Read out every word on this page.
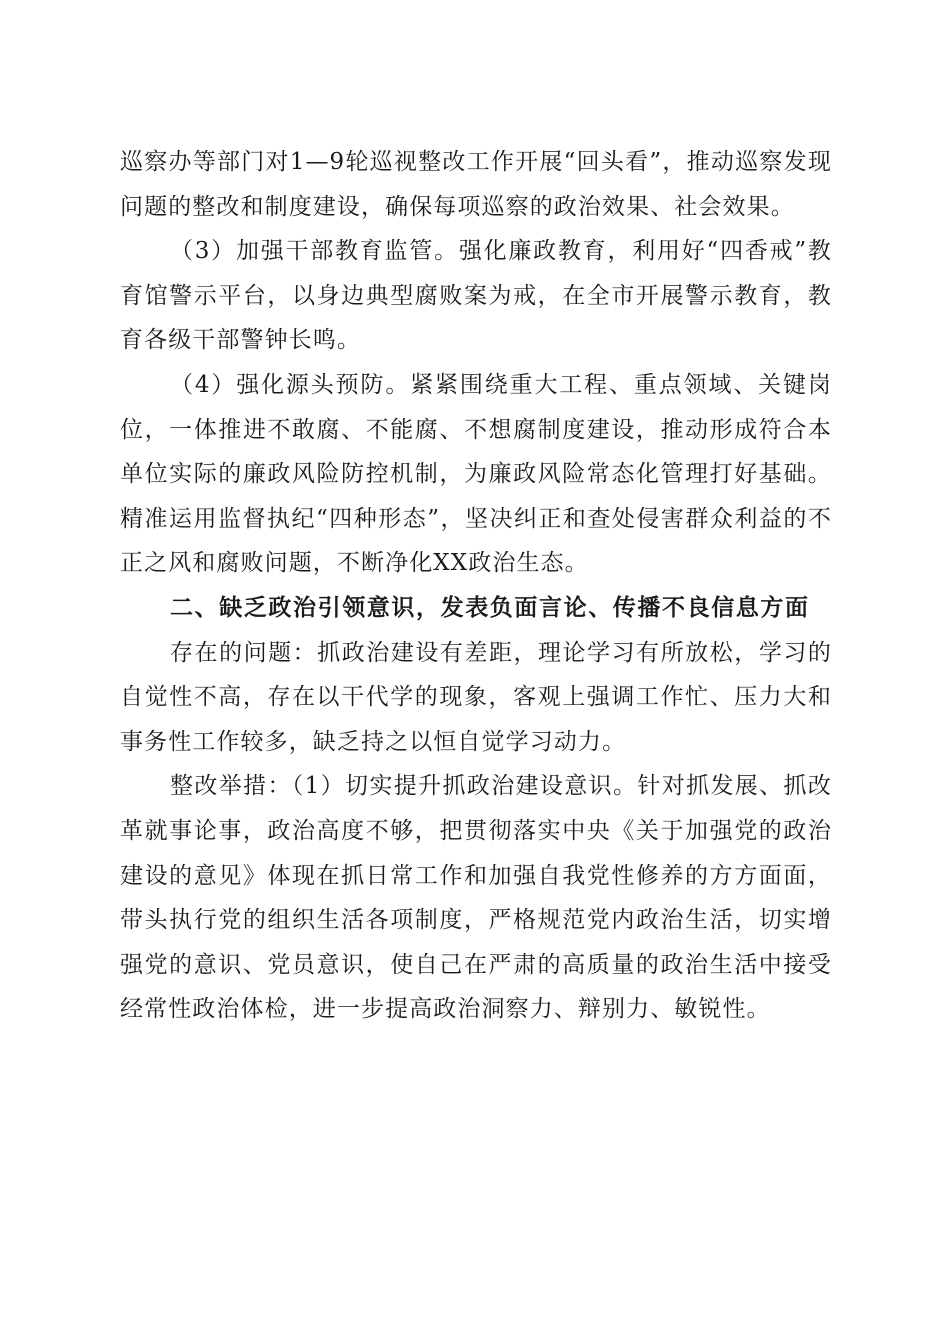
巡察办等部门对1—9轮巡视整改工作开展“回头看”，推动巡察发现问题的整改和制度建设，确保每项巡察的政治效果、社会效果。

（3）加强干部教育监管。强化廉政教育，利用好“四香戒”教育馆警示平台，以身边典型腐败案为戒，在全市开展警示教育，教育各级干部警钟长鸣。

（4）强化源头预防。紧紧围绕重大工程、重点领域、关键岗位，一体推进不敢腐、不能腐、不想腐制度建设，推动形成符合本单位实际的廉政风险防控机制，为廉政风险常态化管理打好基础。精准运用监督执纪“四种形态”，坚决纠正和查处侵害群众利益的不正之风和腐败问题，不断净化XX政治生态。

二、缺乏政治引领意识，发表负面言论、传播不良信息方面

存在的问题：抓政治建设有差距，理论学习有所放松，学习的自觉性不高，存在以干代学的现象，客观上强调工作忙、压力大和事务性工作较多，缺乏持之以恒自觉学习动力。

整改举措：（1）切实提升抓政治建设意识。针对抓发展、抓改革就事论事，政治高度不够，把贯彻落实中央《关于加强党的政治建设的意见》体现在抓日常工作和加强自我党性修养的方方面面，带头执行党的组织生活各项制度，严格规范党内政治生活，切实增强党的意识、党员意识，使自己在严肃的高质量的政治生活中接受经常性政治体检，进一步提高政治洞察力、辩别力、敏锐性。
